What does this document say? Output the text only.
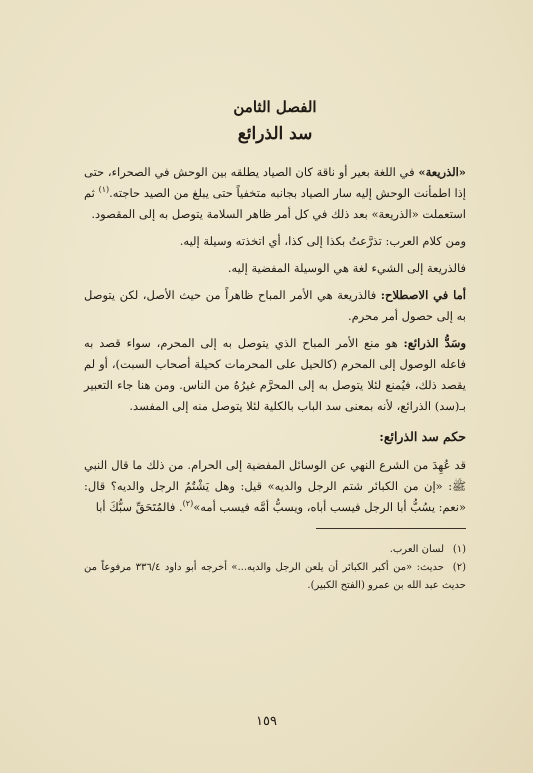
الفصل الثامن
سد الذرائع

«الذريعة» في اللغة بعير أو ناقة كان الصياد يطلقه بين الوحش في الصحراء، حتى إذا اطمأنت الوحش إليه سار الصياد بجانبه متخفياً حتى يبلغ من الصيد حاجته.$^{(١)}$ ثم استعملت «الذريعة» بعد ذلك في كل أمر ظاهر السلامة يتوصل به إلى المقصود.

ومن كلام العرب: تذرَّعتُ بكذا إلى كذا، أي اتخذته وسيلة إليه.

فالذريعة إلى الشيء لغة هي الوسيلة المفضية إليه.

أما في الاصطلاح: فالذريعة هي الأمر المباح ظاهراً من حيث الأصل، لكن يتوصل به إلى حصول أمر محرم.

وسَدُّ الذرائع: هو منع الأمر المباح الذي يتوصل به إلى المحرم، سواء قصد به فاعله الوصول إلى المحرم (كالحيل على المحرمات كحيلة أصحاب السبت)، أو لم يقصد ذلك، فيُمنع لئلا يتوصل به إلى المحرَّم غيرُهُ من الناس. ومن هنا جاء التعبير بـ(سد) الذرائع، لأنه بمعنى سد الباب بالكلية لئلا يتوصل منه إلى المفسد.

حكم سد الذرائع:

قد عُهِدَ من الشرع النهي عن الوسائل المفضية إلى الحرام. من ذلك ما قال النبي ﷺ: «إن من الكبائر شتم الرجل والديه» قيل: وهل يَشْتُمُ الرجل والديه؟ قال: «نعم: يسُبُّ أبا الرجل فيسب أباه، ويسبُّ أمَّه فيسب أمه»$^{(٢)}$. فالمُتَحَقِّ سبُّكَ أبا

(١)لسان العرب.

(٢)حديث: «من أكبر الكبائر أن يلعن الرجل والديه...» أخرجه أبو داود ٣٣٦/٤ مرفوعاً من حديث عبد الله بن عمرو (الفتح الكبير).

١٥٩
